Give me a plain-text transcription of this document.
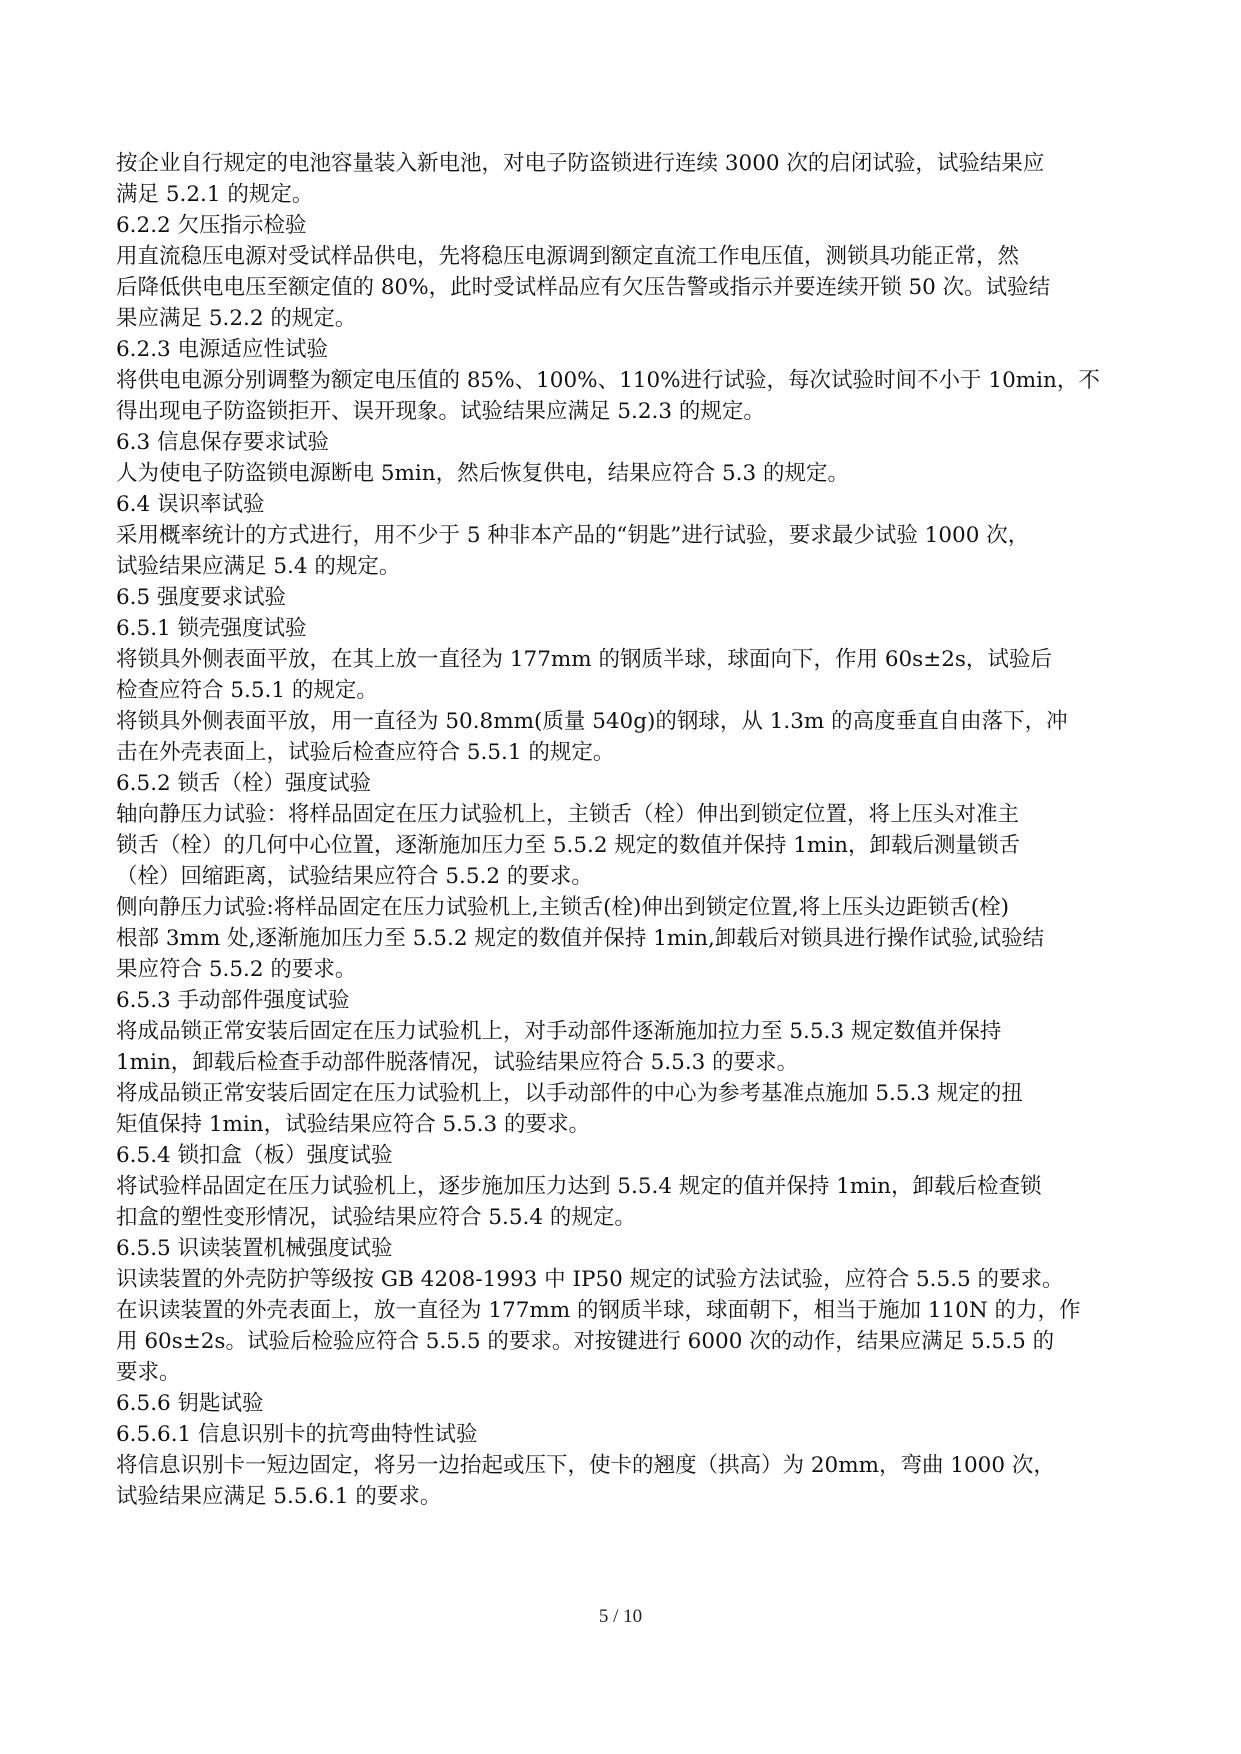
按企业自行规定的电池容量装入新电池，对电子防盗锁进行连续 3000 次的启闭试验，试验结果应
满足 5.2.1 的规定。
6.2.2 欠压指示检验
用直流稳压电源对受试样品供电，先将稳压电源调到额定直流工作电压值，测锁具功能正常，然
后降低供电电压至额定值的 80%，此时受试样品应有欠压告警或指示并要连续开锁 50 次。试验结
果应满足 5.2.2 的规定。
6.2.3 电源适应性试验
将供电电源分别调整为额定电压值的 85%、100%、110%进行试验，每次试验时间不小于 10min，不
得出现电子防盗锁拒开、误开现象。试验结果应满足 5.2.3 的规定。
6.3 信息保存要求试验
人为使电子防盗锁电源断电 5min，然后恢复供电，结果应符合 5.3 的规定。
6.4 误识率试验
采用概率统计的方式进行，用不少于 5 种非本产品的“钥匙”进行试验，要求最少试验 1000 次，
试验结果应满足 5.4 的规定。
6.5 强度要求试验
6.5.1 锁壳强度试验
将锁具外侧表面平放，在其上放一直径为 177mm 的钢质半球，球面向下，作用 60s±2s，试验后
检查应符合 5.5.1 的规定。
将锁具外侧表面平放，用一直径为 50.8mm(质量 540g)的钢球，从 1.3m 的高度垂直自由落下，冲
击在外壳表面上，试验后检查应符合 5.5.1 的规定。
6.5.2 锁舌（栓）强度试验
轴向静压力试验：将样品固定在压力试验机上，主锁舌（栓）伸出到锁定位置，将上压头对准主
锁舌（栓）的几何中心位置，逐渐施加压力至 5.5.2 规定的数值并保持 1min，卸载后测量锁舌
（栓）回缩距离，试验结果应符合 5.5.2 的要求。
侧向静压力试验:将样品固定在压力试验机上,主锁舌(栓)伸出到锁定位置,将上压头边距锁舌(栓)
根部 3mm 处,逐渐施加压力至 5.5.2 规定的数值并保持 1min,卸载后对锁具进行操作试验,试验结
果应符合 5.5.2 的要求。
6.5.3 手动部件强度试验
将成品锁正常安装后固定在压力试验机上，对手动部件逐渐施加拉力至 5.5.3 规定数值并保持
1min，卸载后检查手动部件脱落情况，试验结果应符合 5.5.3 的要求。
将成品锁正常安装后固定在压力试验机上，以手动部件的中心为参考基准点施加 5.5.3 规定的扭
矩值保持 1min，试验结果应符合 5.5.3 的要求。
6.5.4 锁扣盒（板）强度试验
将试验样品固定在压力试验机上，逐步施加压力达到 5.5.4 规定的值并保持 1min，卸载后检查锁
扣盒的塑性变形情况，试验结果应符合 5.5.4 的规定。
6.5.5 识读装置机械强度试验
识读装置的外壳防护等级按 GB 4208-1993 中 IP50 规定的试验方法试验，应符合 5.5.5 的要求。
在识读装置的外壳表面上，放一直径为 177mm 的钢质半球，球面朝下，相当于施加 110N 的力，作
用 60s±2s。试验后检验应符合 5.5.5 的要求。对按键进行 6000 次的动作，结果应满足 5.5.5 的
要求。
6.5.6 钥匙试验
6.5.6.1 信息识别卡的抗弯曲特性试验
将信息识别卡一短边固定，将另一边抬起或压下，使卡的翘度（拱高）为 20mm，弯曲 1000 次，
试验结果应满足 5.5.6.1 的要求。
5 / 10
